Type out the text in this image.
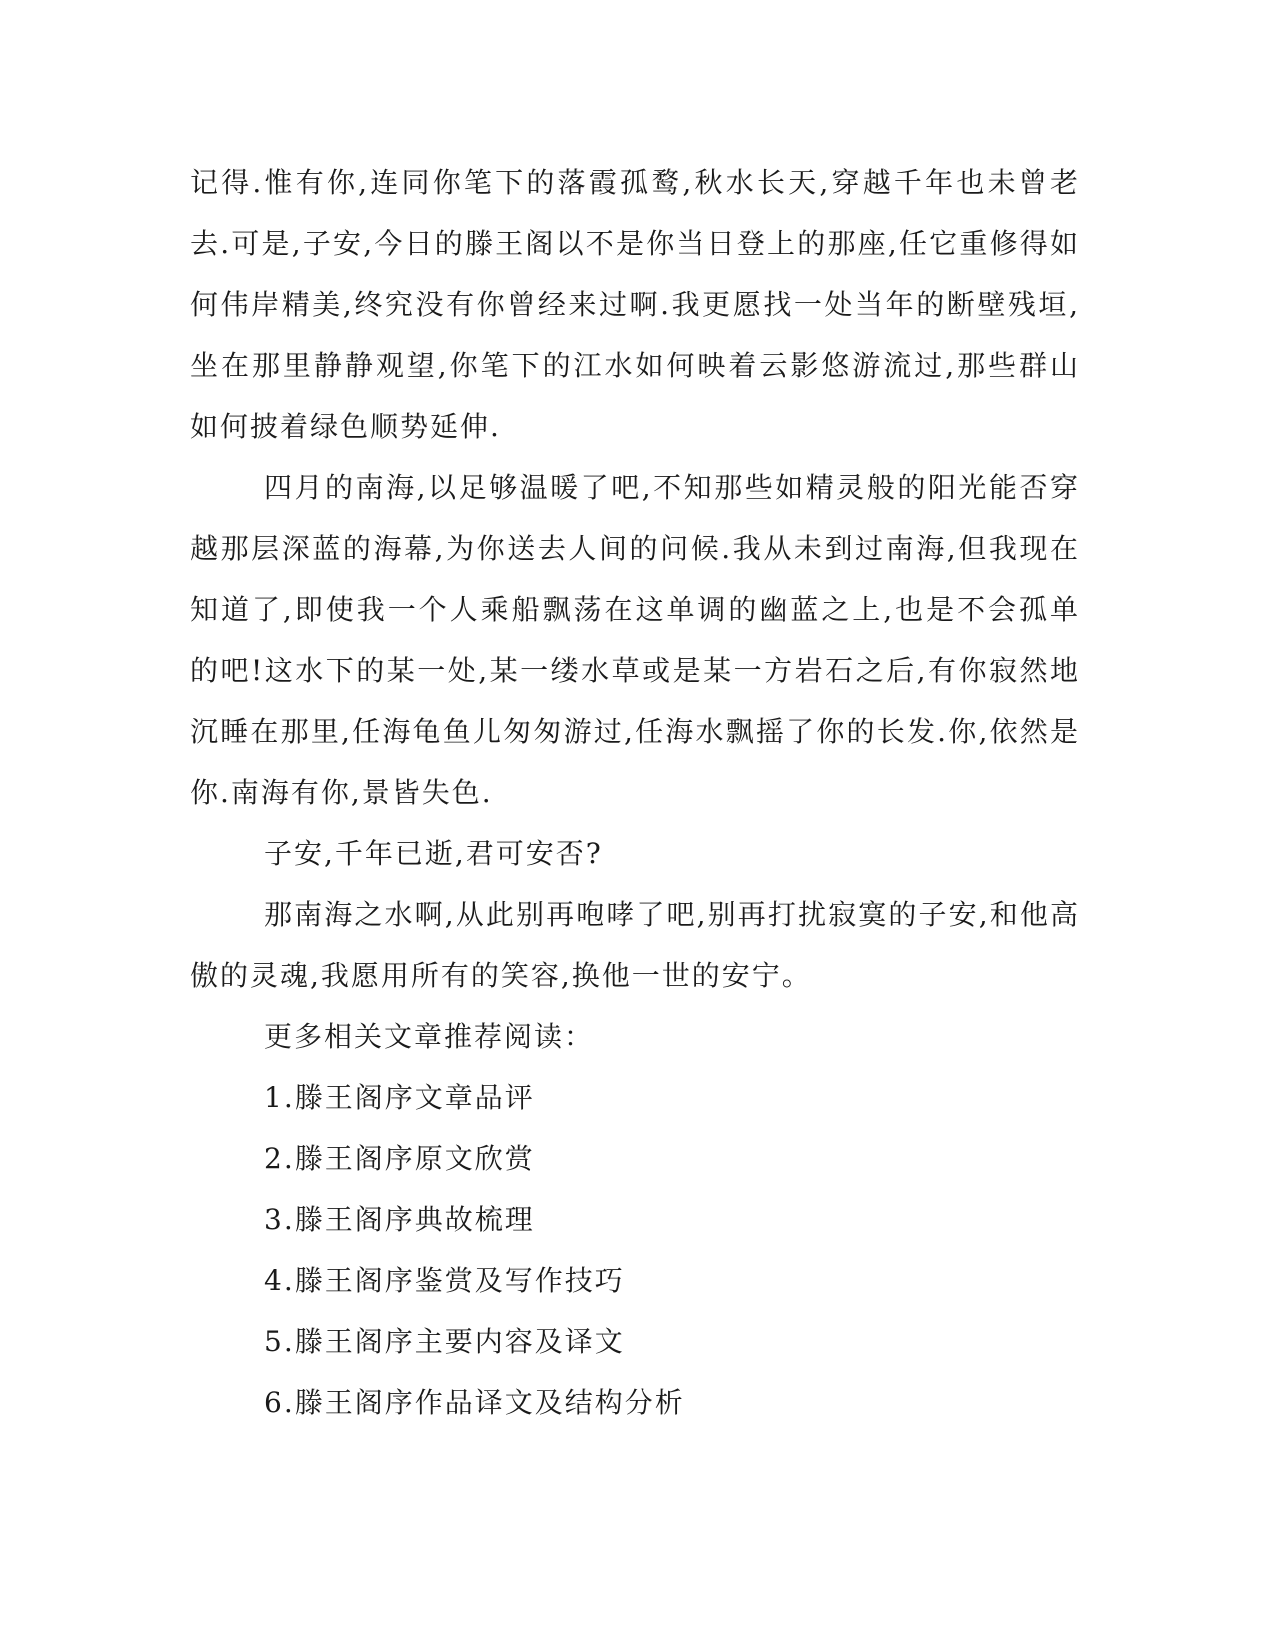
记得.惟有你,连同你笔下的落霞孤鹜,秋水长天,穿越千年也未曾老去.可是,子安,今日的滕王阁以不是你当日登上的那座,任它重修得如何伟岸精美,终究没有你曾经来过啊.我更愿找一处当年的断壁残垣,坐在那里静静观望,你笔下的江水如何映着云影悠游流过,那些群山如何披着绿色顺势延伸.

四月的南海,以足够温暖了吧,不知那些如精灵般的阳光能否穿越那层深蓝的海幕,为你送去人间的问候.我从未到过南海,但我现在知道了,即使我一个人乘船飘荡在这单调的幽蓝之上,也是不会孤单的吧!这水下的某一处,某一缕水草或是某一方岩石之后,有你寂然地沉睡在那里,任海龟鱼儿匆匆游过,任海水飘摇了你的长发.你,依然是你.南海有你,景皆失色.

子安,千年已逝,君可安否?

那南海之水啊,从此别再咆哮了吧,别再打扰寂寞的子安,和他高傲的灵魂,我愿用所有的笑容,换他一世的安宁。

更多相关文章推荐阅读：

1.滕王阁序文章品评

2.滕王阁序原文欣赏

3.滕王阁序典故梳理

4.滕王阁序鉴赏及写作技巧

5.滕王阁序主要内容及译文

6.滕王阁序作品译文及结构分析
